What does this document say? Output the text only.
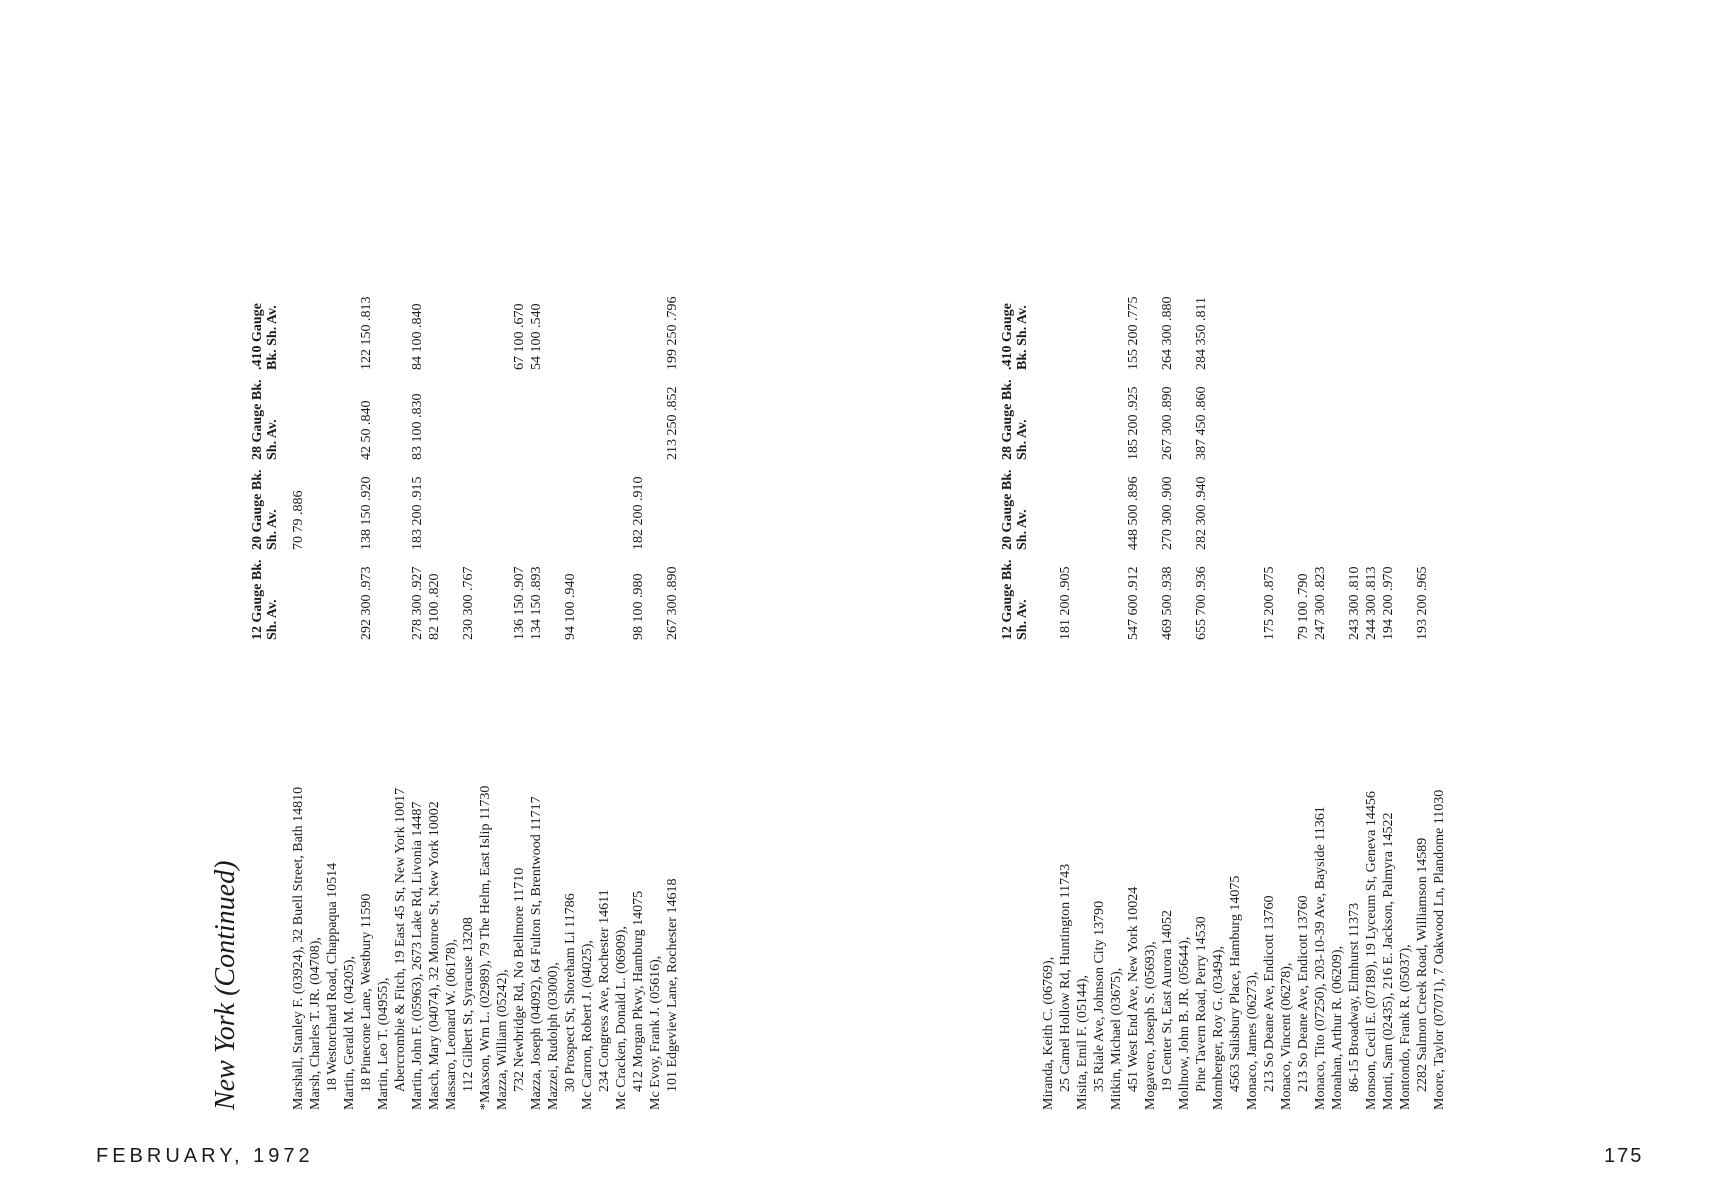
New York (Continued)
12 Gauge Bk. Sh. Av.
20 Gauge Bk. Sh. Av.
28 Gauge Bk. Sh. Av.
.410 Gauge Bk. Sh. Av.
Marshall, Stanley F. (03924), 32 Buell Street, Bath 14810
70 79 .886
Marsh, Charles T. JR. (04708), 18 Westorchard Road, Chappaqua 10514 Martin, Gerald M. (04205), 18 Pinecone Lane, Westbury 11590
292 300 .973
138 150 .920
42 50 .840
122 150 .813
Martin, Leo T. (04955), Abercrombie & Fitch, 19 East 45 St, New York 10017 Martin, John F. (05963), 2673 Lake Rd, Livonia 14487
278 300 .927
183 200 .915
83 100 .830
84 100 .840
Masch, Mary (04074), 32 Monroe St, New York 10002
82 100 .820
Massaro, Leonard W. (06178), 112 Gilbert St, Syracuse 13208
230 300 .767
*Maxson, Wm L. (02989), 79 The Helm, East Islip 11730 Mazza, William (05242), 732 Newbridge Rd, No Bellmore 11710
136 150 .907
67 100 .670
Mazza, Joseph (04092), 64 Fulton St, Brentwood 11717
134 150 .893
54 100 .540
Mazzei, Rudolph (03000), 30 Prospect St, Shoreham Li 11786
94 100 .940
Mc Carron, Robert J. (04025), 234 Congress Ave, Rochester 14611 Mc Cracken, Donald L. (06909), 412 Morgan Pkwy, Hamburg 14075
98 100 .980
182 200 .910
Mc Evoy, Frank J. (05616), 101 Edgeview Lane, Rochester 14618
267 300 .890
213 250 .852
199 250 .796
12 Gauge Bk. Sh. Av.
20 Gauge Bk. Sh. Av.
28 Gauge Bk. Sh. Av.
.410 Gauge Bk. Sh. Av.
Miranda, Keith C. (06769), 25 Camel Hollow Rd, Huntington 11743
181 200 .905
Misita, Emil F. (05144), 35 Riale Ave, Johnson City 13790 Mitkin, Michael (03675), 451 West End Ave, New York 10024
547 600 .912
448 500 .896
185 200 .925
155 200 .775
Mogavero, Joseph S. (05693), 19 Center St, East Aurora 14052
469 500 .938
270 300 .900
267 300 .890
264 300 .880
Mollnow, John B. JR. (05644), Pine Tavern Road, Perry 14530
655 700 .936
282 300 .940
387 450 .860
284 350 .811
Momberger, Roy G. (03494), 4563 Salisbury Place, Hamburg 14075 Monaco, James (06273), 213 So Deane Ave, Endicott 13760
175 200 .875
Monaco, Vincent (06278), 213 So Deane Ave, Endicott 13760
79 100 .790
Monaco, Tito (07250), 203-10-39 Ave, Bayside 11361
247 300 .823
Monahan, Arthur R. (06209), 86-15 Broadway, Elmhurst 11373
243 300 .810
Monson, Cecil E. (07189), 19 Lyceum St, Geneva 14456
244 300 .813
Monti, Sam (02435), 216 E. Jackson, Palmyra 14522
194 200 .970
Montondo, Frank R. (05037), 2282 Salmon Creek Road, Williamson 14589
193 200 .965
Moore, Taylor (07071), 7 Oakwood Ln, Plandome 11030
FEBRUARY, 1972	175
